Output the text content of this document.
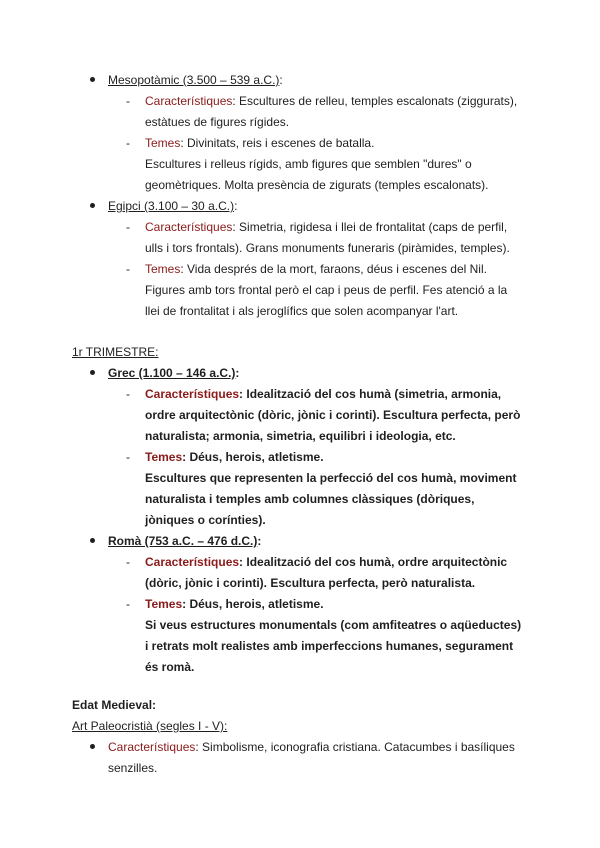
Mesopotàmic (3.500 – 539 a.C.):
- Característiques: Escultures de relleu, temples escalonats (ziggurats),
estàtues de figures rígides.
- Temes: Divinitats, reis i escenes de batalla.
Escultures i relleus rígids, amb figures que semblen "dures" o
geomètriques. Molta presència de zigurats (temples escalonats).
Egipci (3.100 – 30 a.C.):
- Característiques: Simetria, rigidesa i llei de frontalitat (caps de perfil,
ulls i tors frontals). Grans monuments funeraris (piràmides, temples).
- Temes: Vida després de la mort, faraons, déus i escenes del Nil.
Figures amb tors frontal però el cap i peus de perfil. Fes atenció a la
llei de frontalitat i als jeroglífics que solen acompanyar l'art.
1r TRIMESTRE:
Grec (1.100 – 146 a.C.):
- Característiques: Idealització del cos humà (simetria, armonia,
ordre arquitectònic (dòric, jònic i corinti). Escultura perfecta, però
naturalista; armonia, simetria, equilibri i ideologia, etc.
- Temes: Déus, herois, atletisme.
Escultures que representen la perfecció del cos humà, moviment
naturalista i temples amb columnes clàssiques (dòriques,
jòniques o corínties).
Romà (753 a.C. – 476 d.C.):
- Característiques: Idealització del cos humà, ordre arquitectònic
(dòric, jònic i corinti). Escultura perfecta, però naturalista.
- Temes: Déus, herois, atletisme.
Si veus estructures monumentals (com amfiteatres o aqüeductes)
i retrats molt realistes amb imperfeccions humanes, segurament
és romà.
Edat Medieval:
Art Paleocristià (segles I - V):
Característiques: Simbolisme, iconografia cristiana. Catacumbes i basíliques
senzilles.
